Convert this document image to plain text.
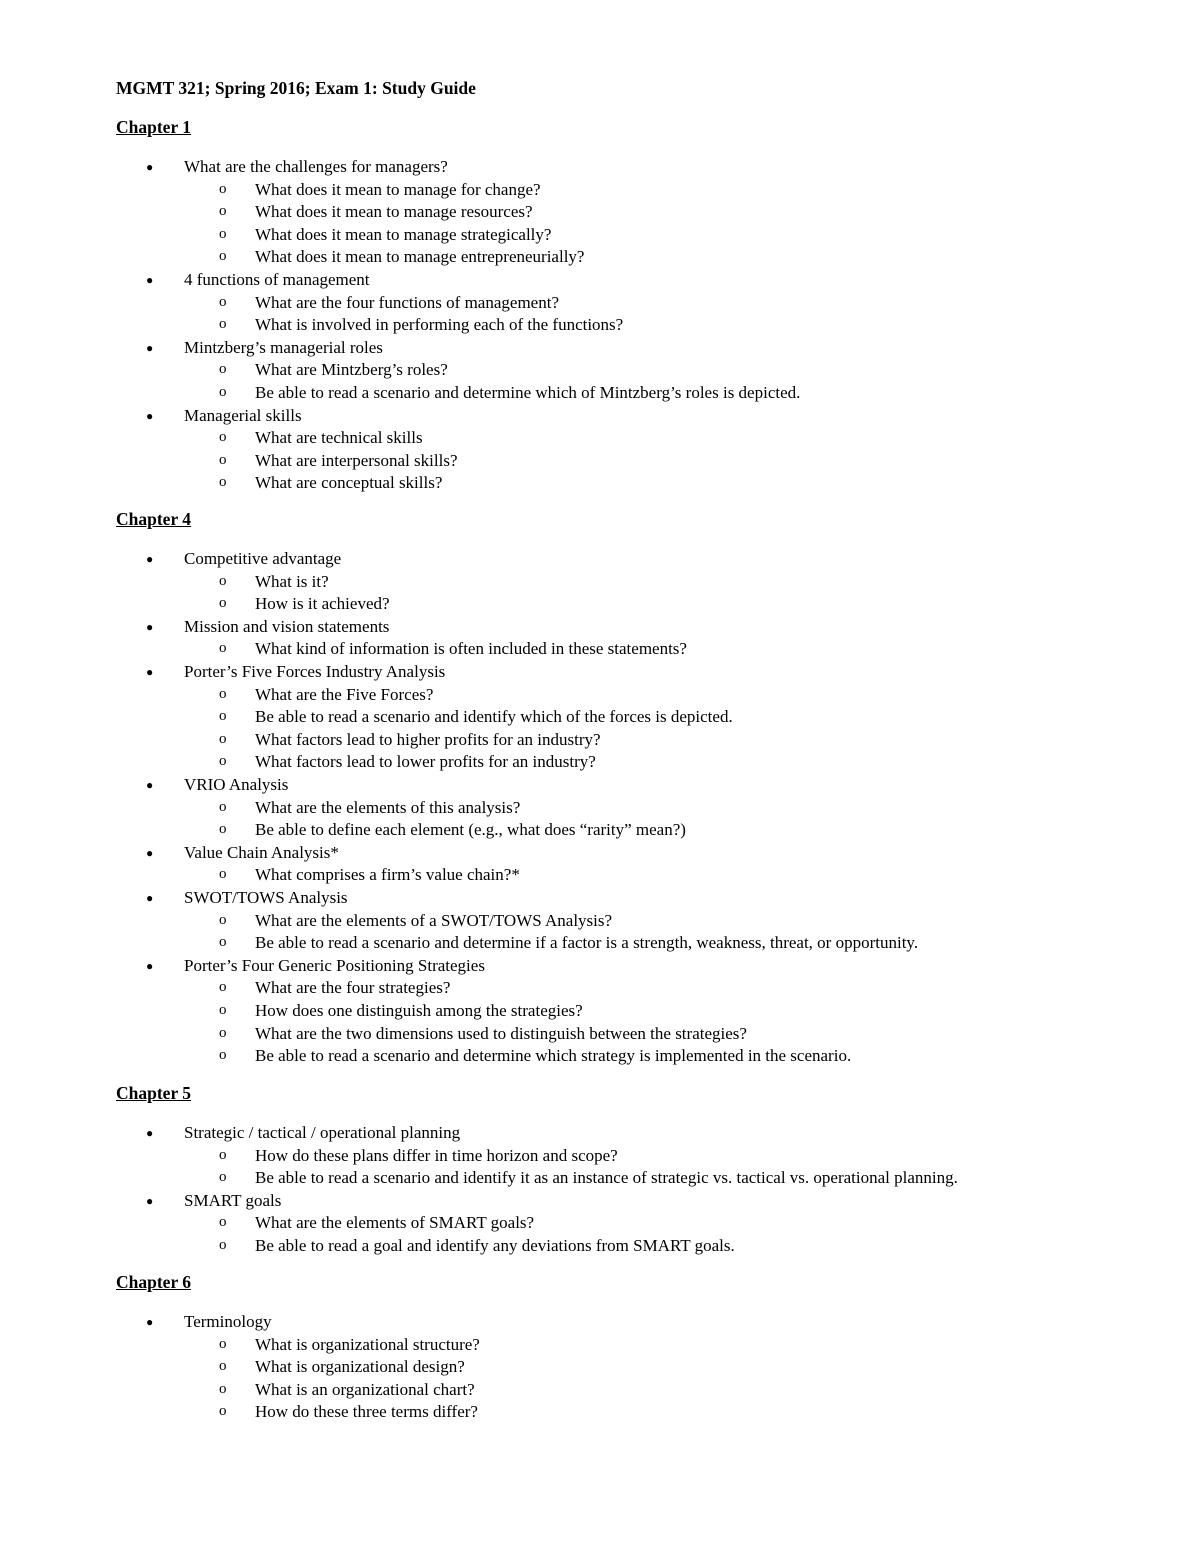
MGMT 321; Spring 2016; Exam 1: Study Guide
Chapter 1
● What are the challenges for managers?
o What does it mean to manage for change?
o What does it mean to manage resources?
o What does it mean to manage strategically?
o What does it mean to manage entrepreneurially?
● 4 functions of management
o What are the four functions of management?
o What is involved in performing each of the functions?
● Mintzberg’s managerial roles
o What are Mintzberg’s roles?
o Be able to read a scenario and determine which of Mintzberg’s roles is depicted.
● Managerial skills
o What are technical skills
o What are interpersonal skills?
o What are conceptual skills?
Chapter 4
● Competitive advantage
o What is it?
o How is it achieved?
● Mission and vision statements
o What kind of information is often included in these statements?
● Porter’s Five Forces Industry Analysis
o What are the Five Forces?
o Be able to read a scenario and identify which of the forces is depicted.
o What factors lead to higher profits for an industry?
o What factors lead to lower profits for an industry?
● VRIO Analysis
o What are the elements of this analysis?
o Be able to define each element (e.g., what does “rarity” mean?)
● Value Chain Analysis*
o What comprises a firm’s value chain?*
● SWOT/TOWS Analysis
o What are the elements of a SWOT/TOWS Analysis?
o Be able to read a scenario and determine if a factor is a strength, weakness, threat, or opportunity.
● Porter’s Four Generic Positioning Strategies
o What are the four strategies?
o How does one distinguish among the strategies?
o What are the two dimensions used to distinguish between the strategies?
o Be able to read a scenario and determine which strategy is implemented in the scenario.
Chapter 5
● Strategic / tactical / operational planning
o How do these plans differ in time horizon and scope?
o Be able to read a scenario and identify it as an instance of strategic vs. tactical vs. operational planning.
● SMART goals
o What are the elements of SMART goals?
o Be able to read a goal and identify any deviations from SMART goals.
Chapter 6
● Terminology
o What is organizational structure?
o What is organizational design?
o What is an organizational chart?
o How do these three terms differ?
